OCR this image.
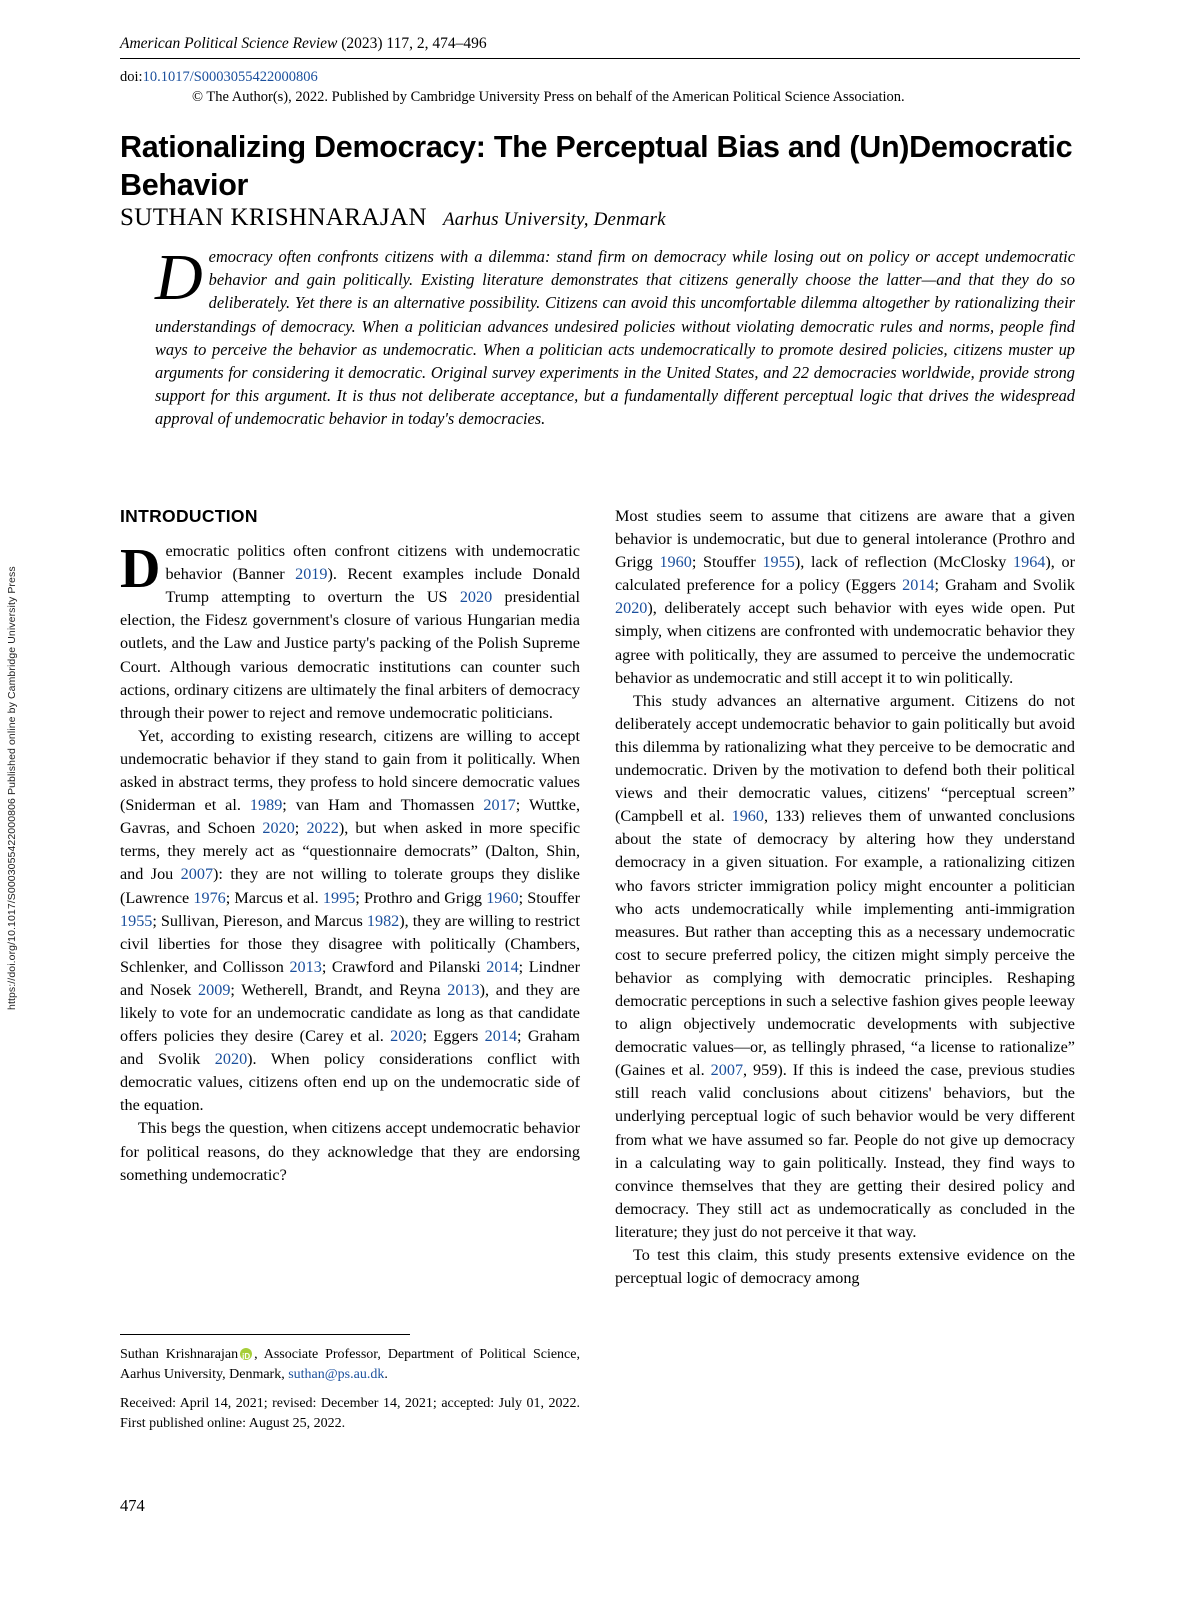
https://doi.org/10.1017/S0003055422000806 Published online by Cambridge University Press
American Political Science Review (2023) 117, 2, 474–496
doi:10.1017/S0003055422000806 © The Author(s), 2022. Published by Cambridge University Press on behalf of the American Political Science Association.
Rationalizing Democracy: The Perceptual Bias and (Un)Democratic Behavior
SUTHAN KRISHNARAJAN Aarhus University, Denmark
Democracy often confronts citizens with a dilemma: stand firm on democracy while losing out on policy or accept undemocratic behavior and gain politically. Existing literature demonstrates that citizens generally choose the latter—and that they do so deliberately. Yet there is an alternative possibility. Citizens can avoid this uncomfortable dilemma altogether by rationalizing their understandings of democracy. When a politician advances undesired policies without violating democratic rules and norms, people find ways to perceive the behavior as undemocratic. When a politician acts undemocratically to promote desired policies, citizens muster up arguments for considering it democratic. Original survey experiments in the United States, and 22 democracies worldwide, provide strong support for this argument. It is thus not deliberate acceptance, but a fundamentally different perceptual logic that drives the widespread approval of undemocratic behavior in today's democracies.
INTRODUCTION

Democratic politics often confront citizens with undemocratic behavior (Banner 2019). Recent examples include Donald Trump attempting to overturn the US 2020 presidential election, the Fidesz government's closure of various Hungarian media outlets, and the Law and Justice party's packing of the Polish Supreme Court. Although various democratic institutions can counter such actions, ordinary citizens are ultimately the final arbiters of democracy through their power to reject and remove undemocratic politicians.

Yet, according to existing research, citizens are willing to accept undemocratic behavior if they stand to gain from it politically. When asked in abstract terms, they profess to hold sincere democratic values (Sniderman et al. 1989; van Ham and Thomassen 2017; Wuttke, Gavras, and Schoen 2020; 2022), but when asked in more specific terms, they merely act as “questionnaire democrats” (Dalton, Shin, and Jou 2007): they are not willing to tolerate groups they dislike (Lawrence 1976; Marcus et al. 1995; Prothro and Grigg 1960; Stouffer 1955; Sullivan, Piereson, and Marcus 1982), they are willing to restrict civil liberties for those they disagree with politically (Chambers, Schlenker, and Collisson 2013; Crawford and Pilanski 2014; Lindner and Nosek 2009; Wetherell, Brandt, and Reyna 2013), and they are likely to vote for an undemocratic candidate as long as that candidate offers policies they desire (Carey et al. 2020; Eggers 2014; Graham and Svolik 2020). When policy considerations conflict with democratic values, citizens often end up on the undemocratic side of the equation.

This begs the question, when citizens accept undemocratic behavior for political reasons, do they acknowledge that they are endorsing something undemocratic?

Most studies seem to assume that citizens are aware that a given behavior is undemocratic, but due to general intolerance (Prothro and Grigg 1960; Stouffer 1955), lack of reflection (McClosky 1964), or calculated preference for a policy (Eggers 2014; Graham and Svolik 2020), deliberately accept such behavior with eyes wide open. Put simply, when citizens are confronted with undemocratic behavior they agree with politically, they are assumed to perceive the undemocratic behavior as undemocratic and still accept it to win politically.

This study advances an alternative argument. Citizens do not deliberately accept undemocratic behavior to gain politically but avoid this dilemma by rationalizing what they perceive to be democratic and undemocratic. Driven by the motivation to defend both their political views and their democratic values, citizens' “perceptual screen” (Campbell et al. 1960, 133) relieves them of unwanted conclusions about the state of democracy by altering how they understand democracy in a given situation. For example, a rationalizing citizen who favors stricter immigration policy might encounter a politician who acts undemocratically while implementing anti-immigration measures. But rather than accepting this as a necessary undemocratic cost to secure preferred policy, the citizen might simply perceive the behavior as complying with democratic principles. Reshaping democratic perceptions in such a selective fashion gives people leeway to align objectively undemocratic developments with subjective democratic values—or, as tellingly phrased, “a license to rationalize” (Gaines et al. 2007, 959). If this is indeed the case, previous studies still reach valid conclusions about citizens' behaviors, but the underlying perceptual logic of such behavior would be very different from what we have assumed so far. People do not give up democracy in a calculating way to gain politically. Instead, they find ways to convince themselves that they are getting their desired policy and democracy. They still act as undemocratically as concluded in the literature; they just do not perceive it that way.

To test this claim, this study presents extensive evidence on the perceptual logic of democracy among

Suthan Krishnarajan iD , Associate Professor, Department of Political Science, Aarhus University, Denmark, suthan@ps.au.dk.

Received: April 14, 2021; revised: December 14, 2021; accepted: July 01, 2022. First published online: August 25, 2022.

474
